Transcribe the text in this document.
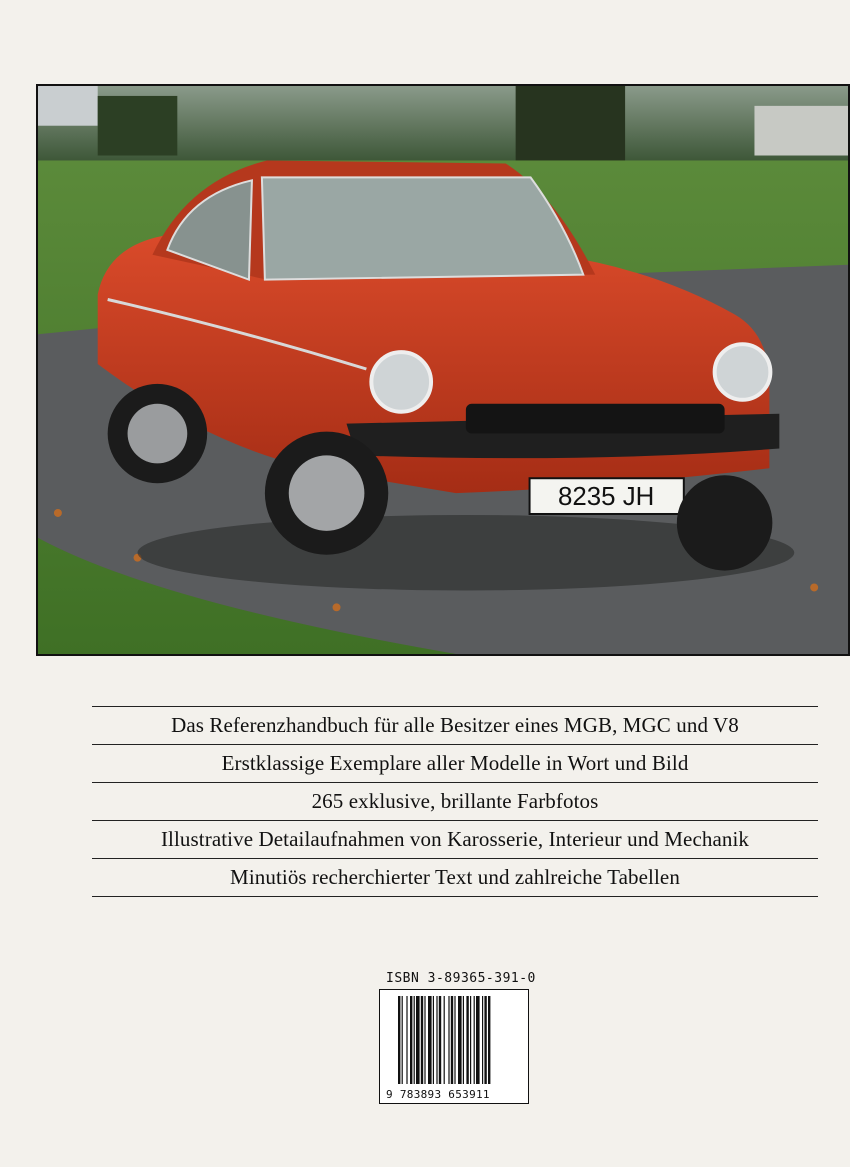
8235 JH
Das Referenzhandbuch für alle Besitzer eines MGB, MGC und V8
Erstklassige Exemplare aller Modelle in Wort und Bild
265 exklusive, brillante Farbfotos
Illustrative Detailaufnahmen von Karosserie, Interieur und Mechanik
Minutiös recherchierter Text und zahlreiche Tabellen
ISBN 3-89365-391-0
9 783893 653911
